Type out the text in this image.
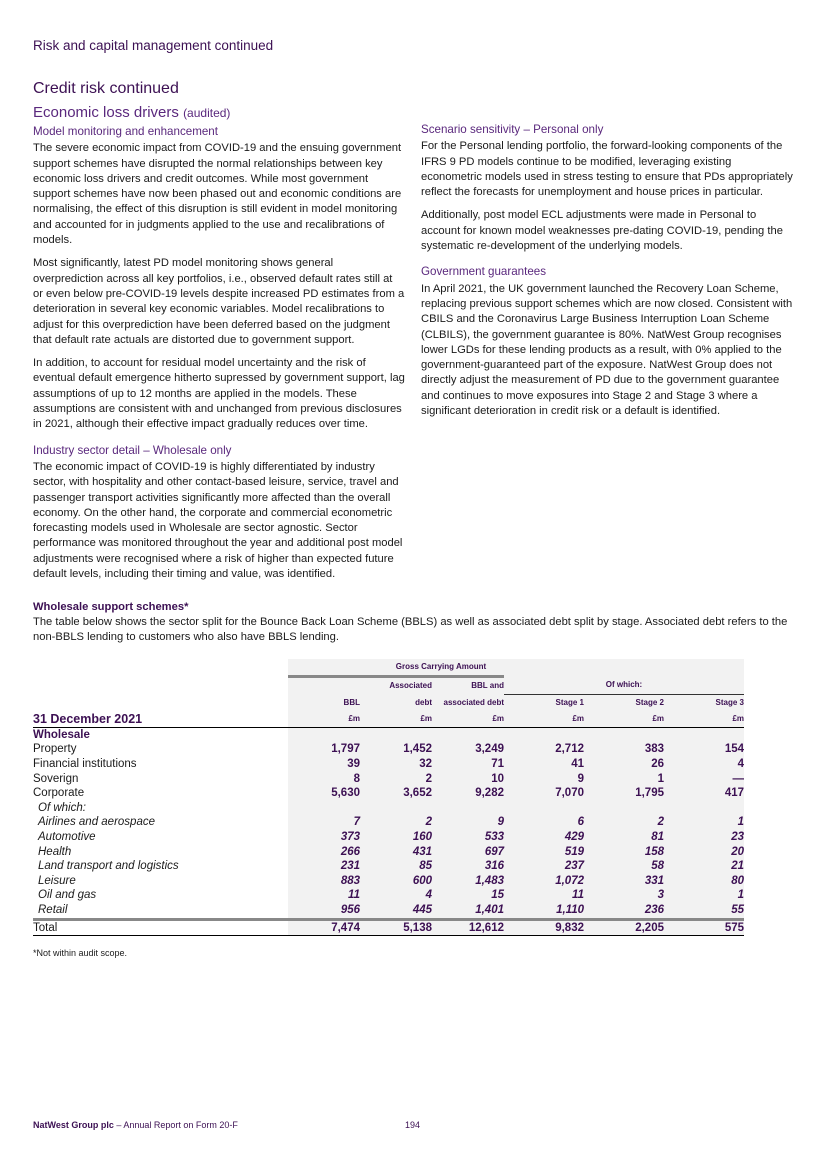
Risk and capital management continued
Credit risk continued
Economic loss drivers (audited)
Model monitoring and enhancement

The severe economic impact from COVID-19 and the ensuing government support schemes have disrupted the normal relationships between key economic loss drivers and credit outcomes. While most government support schemes have now been phased out and economic conditions are normalising, the effect of this disruption is still evident in model monitoring and accounted for in judgments applied to the use and recalibrations of models.

Most significantly, latest PD model monitoring shows general overprediction across all key portfolios, i.e., observed default rates still at or even below pre-COVID-19 levels despite increased PD estimates from a deterioration in several key economic variables. Model recalibrations to adjust for this overprediction have been deferred based on the judgment that default rate actuals are distorted due to government support.

In addition, to account for residual model uncertainty and the risk of eventual default emergence hitherto supressed by government support, lag assumptions of up to 12 months are applied in the models. These assumptions are consistent with and unchanged from previous disclosures in 2021, although their effective impact gradually reduces over time.

Industry sector detail – Wholesale only

The economic impact of COVID-19 is highly differentiated by industry sector, with hospitality and other contact-based leisure, service, travel and passenger transport activities significantly more affected than the overall economy. On the other hand, the corporate and commercial econometric forecasting models used in Wholesale are sector agnostic. Sector performance was monitored throughout the year and additional post model adjustments were recognised where a risk of higher than expected future default levels, including their timing and value, was identified.

Scenario sensitivity – Personal only

For the Personal lending portfolio, the forward-looking components of the IFRS 9 PD models continue to be modified, leveraging existing econometric models used in stress testing to ensure that PDs appropriately reflect the forecasts for unemployment and house prices in particular.

Additionally, post model ECL adjustments were made in Personal to account for known model weaknesses pre-dating COVID-19, pending the systematic re-development of the underlying models.

Government guarantees

In April 2021, the UK government launched the Recovery Loan Scheme, replacing previous support schemes which are now closed. Consistent with CBILS and the Coronavirus Large Business Interruption Loan Scheme (CLBILS), the government guarantee is 80%. NatWest Group recognises lower LGDs for these lending products as a result, with 0% applied to the government-guaranteed part of the exposure. NatWest Group does not directly adjust the measurement of PD due to the government guarantee and continues to move exposures into Stage 2 and Stage 3 where a significant deterioration in credit risk or a default is identified.

Wholesale support schemes*
The table below shows the sector split for the Bounce Back Loan Scheme (BBLS) as well as associated debt split by stage. Associated debt refers to the non-BBLS lending to customers who also have BBLS lending.
	Gross Carrying Amount					
		Associated	BBL and	Of which:		
	BBL	debt	associated debt	Stage 1	Stage 2	Stage 3
31 December 2021	£m	£m	£m	£m	£m	£m
Wholesale						
Property	1,797	1,452	3,249	2,712	383	154
Financial institutions	39	32	71	41	26	4
Soverign	8	2	10	9	1	—
Corporate	5,630	3,652	9,282	7,070	1,795	417
Of which:						
Airlines and aerospace	7	2	9	6	2	1
Automotive	373	160	533	429	81	23
Health	266	431	697	519	158	20
Land transport and logistics	231	85	316	237	58	21
Leisure	883	600	1,483	1,072	331	80
Oil and gas	11	4	15	11	3	1
Retail	956	445	1,401	1,110	236	55
Total	7,474	5,138	12,612	9,832	2,205	575
*Not within audit scope.
NatWest Group plc – Annual Report on Form 20-F	194
